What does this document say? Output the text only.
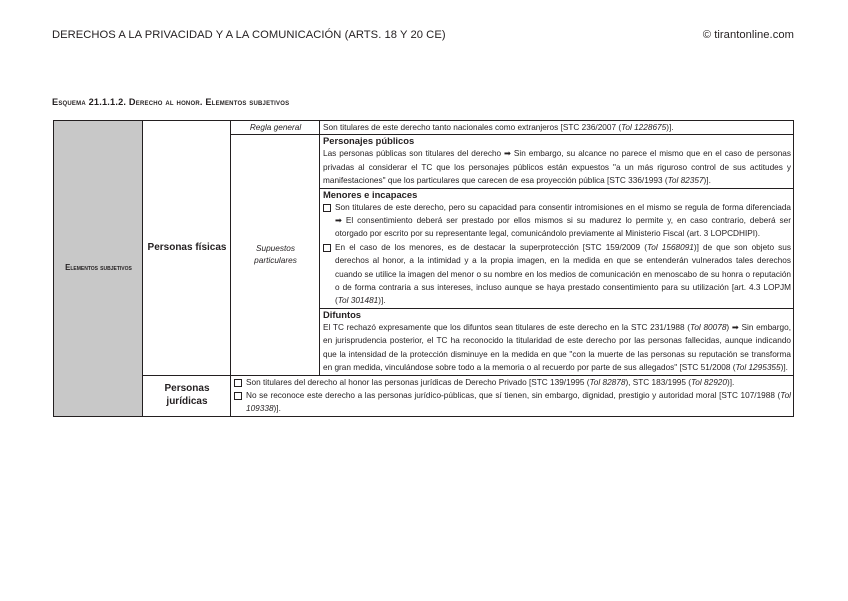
DERECHOS A LA PRIVACIDAD Y A LA COMUNICACIÓN (ARTS. 18 Y 20 CE)	© tirantonline.com
Esquema 21.1.1.2. Derecho al honor. Elementos subjetivos
Elementos subjetivos	Personas físicas	Regla general	Son titulares de este derecho tanto nacionales como extranjeros [STC 236/2007 (Tol 1228675)].
		Supuestos particulares	Personajes públicos
Las personas públicas son titulares del derecho ➡ Sin embargo, su alcance no parece el mismo que en el caso de personas privadas al considerar el TC que los personajes públicos están expuestos "a un más riguroso control de sus actitudes y manifestaciones" que los particulares que carecen de esa proyección pública [STC 336/1993 (Tol 82357)].

			Menores e incapaces
Son titulares de este derecho, pero su capacidad para consentir intromisiones en el mismo se regula de forma diferenciada ➡ El consentimiento deberá ser prestado por ellos mismos si su madurez lo permite y, en caso contrario, deberá ser otorgado por escrito por su representante legal, comunicándolo previamente al Ministerio Fiscal (art. 3 LOPCDHIPI).
En el caso de los menores, es de destacar la superprotección [STC 159/2009 (Tol 1568091)] de que son objeto sus derechos al honor, a la intimidad y a la propia imagen, en la medida en que se entenderán vulnerados tales derechos cuando se utilice la imagen del menor o su nombre en los medios de comunicación en menoscabo de su honra o reputación o de forma contraria a sus intereses, incluso aunque se haya prestado consentimiento para su utilización [art. 4.3 LOPJM (Tol 301481)].

			Difuntos
El TC rechazó expresamente que los difuntos sean titulares de este derecho en la STC 231/1988 (Tol 80078) ➡ Sin embargo, en jurisprudencia posterior, el TC ha reconocido la titularidad de este derecho por las personas fallecidas, aunque indicando que la intensidad de la protección disminuye en la medida en que "con la muerte de las personas su reputación se transforma en gran medida, vinculándose sobre todo a la memoria o al recuerdo por parte de sus allegados" [STC 51/2008 (Tol 1295355)].
	Personas jurídicas	Son titulares del derecho al honor las personas jurídicas de Derecho Privado [STC 139/1995 (Tol 82878), STC 183/1995 (Tol 82920)].
No se reconoce este derecho a las personas jurídico-públicas, que sí tienen, sin embargo, dignidad, prestigio y autoridad moral [STC 107/1988 (Tol 109338)].	
